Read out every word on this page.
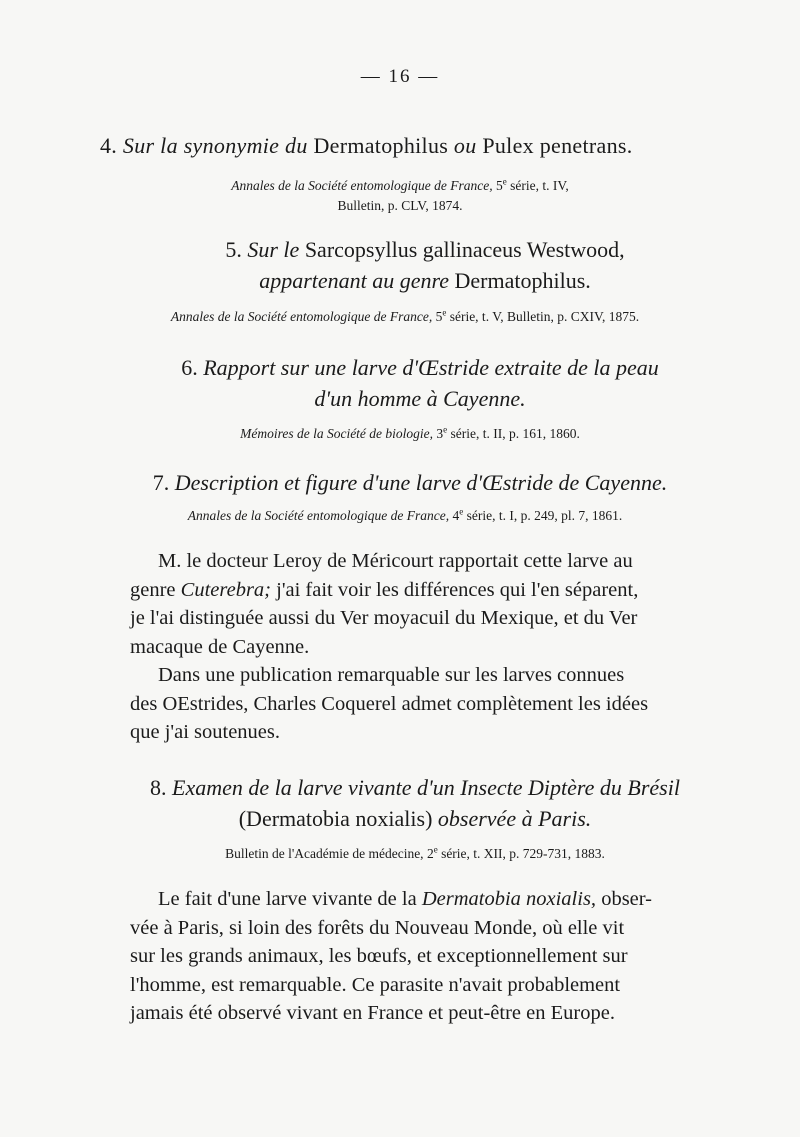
— 16 —
4. Sur la synonymie du Dermatophilus ou Pulex penetrans.
Annales de la Société entomologique de France, 5e série, t. IV,
Bulletin, p. CLV, 1874.
5. Sur le Sarcopsyllus gallinaceus Westwood,
appartenant au genre Dermatophilus.
Annales de la Société entomologique de France, 5e série, t. V, Bulletin, p. CXIV, 1875.
6. Rapport sur une larve d'Œstride extraite de la peau
d'un homme à Cayenne.
Mémoires de la Société de biologie, 3e série, t. II, p. 161, 1860.
7. Description et figure d'une larve d'Œstride de Cayenne.
Annales de la Société entomologique de France, 4e série, t. I, p. 249, pl. 7, 1861.

M. le docteur Leroy de Méricourt rapportait cette larve au
genre Cuterebra; j'ai fait voir les différences qui l'en séparent,
je l'ai distinguée aussi du Ver moyacuil du Mexique, et du Ver
macaque de Cayenne.

Dans une publication remarquable sur les larves connues
des OEstrides, Charles Coquerel admet complètement les idées
que j'ai soutenues.

8. Examen de la larve vivante d'un Insecte Diptère du Brésil
(Dermatobia noxialis) observée à Paris.
Bulletin de l'Académie de médecine, 2e série, t. XII, p. 729-731, 1883.

Le fait d'une larve vivante de la Dermatobia noxialis, obser-
vée à Paris, si loin des forêts du Nouveau Monde, où elle vit
sur les grands animaux, les bœufs, et exceptionnellement sur
l'homme, est remarquable. Ce parasite n'avait probablement
jamais été observé vivant en France et peut-être en Europe.
